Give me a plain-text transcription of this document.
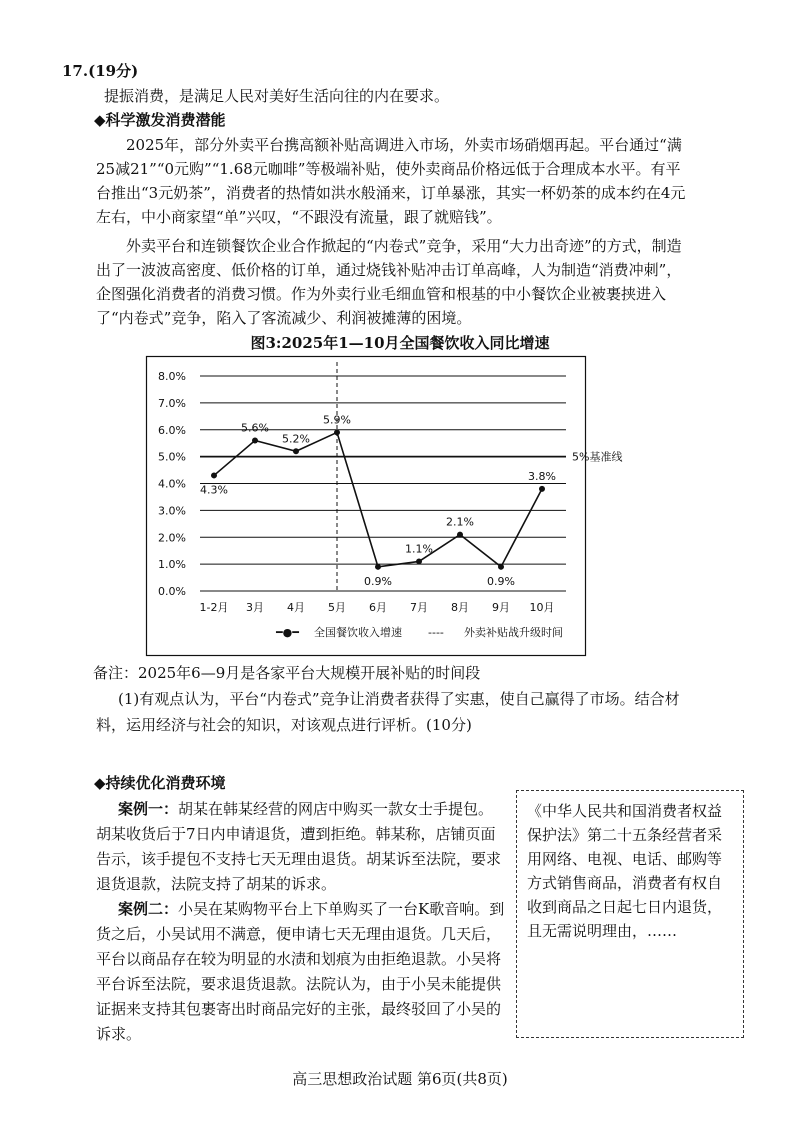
17.(19分)

提振消费，是满足人民对美好生活向往的内在要求。

◆科学激发消费潜能

2025年，部分外卖平台携高额补贴高调进入市场，外卖市场硝烟再起。平台通过“满25减21”“0元购”“1.68元咖啡”等极端补贴，使外卖商品价格远低于合理成本水平。有平台推出“3元奶茶”，消费者的热情如洪水般涌来，订单暴涨，其实一杯奶茶的成本约在4元左右，中小商家望“单”兴叹，“不跟没有流量，跟了就赔钱”。

外卖平台和连锁餐饮企业合作掀起的“内卷式”竞争，采用“大力出奇迹”的方式，制造出了一波波高密度、低价格的订单，通过烧钱补贴冲击订单高峰，人为制造“消费冲刺”，企图强化消费者的消费习惯。作为外卖行业毛细血管和根基的中小餐饮企业被裹挟进入了“内卷式”竞争，陷入了客流减少、利润被摊薄的困境。

图3:2025年1—10月全国餐饮收入同比增速
0.0%
1.0%
2.0%
3.0%
4.0%
5.0%
6.0%
7.0%
8.0%
1-2月 3月 4月 5月 6月 7月 8月 9月 10月
4.3%
5.6%
5.2%
5.9%
0.9%
1.1%
2.1%
0.9%
3.8%
5%基准线
━●━ 全国餐饮收入增速 ---- 外卖补贴战升级时间
备注：2025年6—9月是各家平台大规模开展补贴的时间段

(1)有观点认为，平台“内卷式”竞争让消费者获得了实惠，使自己赢得了市场。结合材料，运用经济与社会的知识，对该观点进行评析。(10分)

◆持续优化消费环境

案例一：胡某在韩某经营的网店中购买一款女士手提包。胡某收货后于7日内申请退货，遭到拒绝。韩某称，店铺页面告示，该手提包不支持七天无理由退货。胡某诉至法院，要求退货退款，法院支持了胡某的诉求。

案例二：小吴在某购物平台上下单购买了一台K歌音响。到货之后，小吴试用不满意，便申请七天无理由退货。几天后，平台以商品存在较为明显的水渍和划痕为由拒绝退款。小吴将平台诉至法院，要求退货退款。法院认为，由于小吴未能提供证据来支持其包裹寄出时商品完好的主张，最终驳回了小吴的诉求。

《中华人民共和国消费者权益保护法》第二十五条经营者采用网络、电视、电话、邮购等方式销售商品，消费者有权自收到商品之日起七日内退货，且无需说明理由，……
高三思想政治试题 第6页(共8页)
